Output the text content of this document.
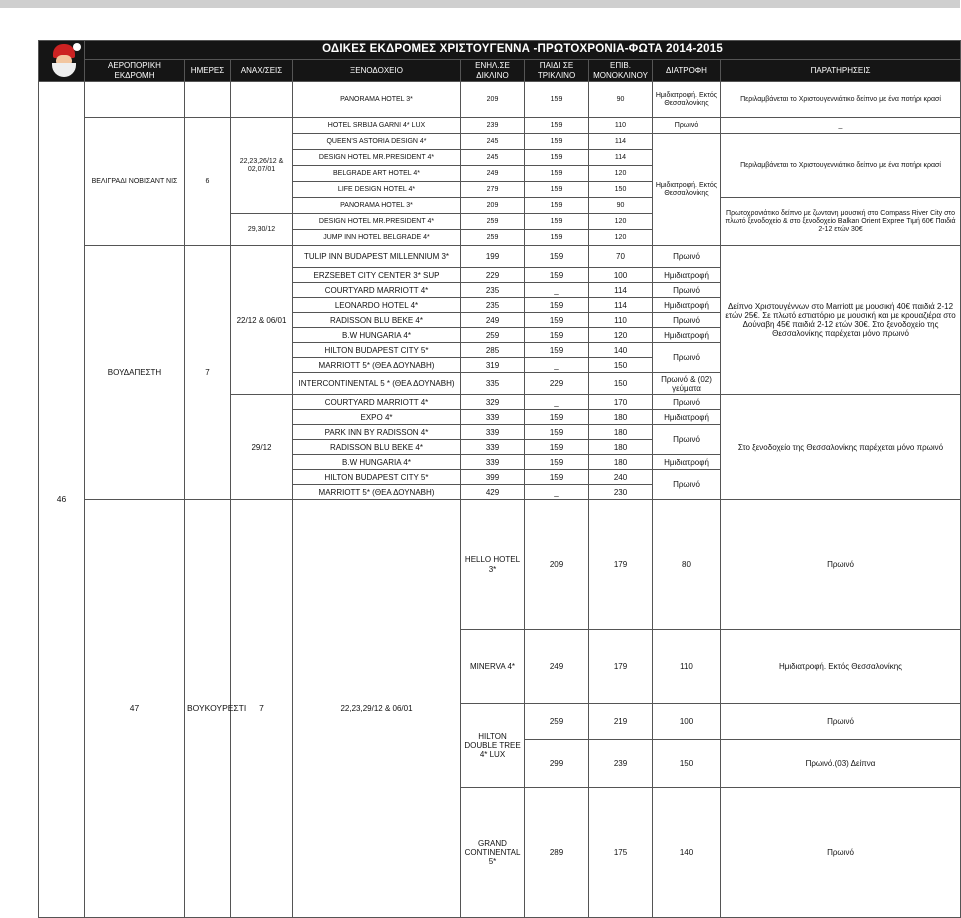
	ΟΔΙΚΕΣ ΕΚΔΡΟΜΕΣ ΧΡΙΣΤΟΥΓΕΝΝΑ -ΠΡΩΤΟΧΡΟΝΙΑ-ΦΩΤΑ 2014-2015									
	ΑΕΡΟΠΟΡΙΚΗ ΕΚΔΡΟΜΗ	ΗΜΕΡΕΣ	ΑΝΑΧ/ΣΕΙΣ	ΞΕΝΟΔΟΧΕΙΟ	ΕΝΗΛ.ΣΕ ΔΙΚΛΙΝΟ	ΠΑΙΔΙ ΣΕ ΤΡΙΚΛΙΝΟ	ΕΠΙΒ. ΜΟΝΟΚΛΙΝΟΥ	ΔΙΑΤΡΟΦΗ	ΠΑΡΑΤΗΡΗΣΕΙΣ	
46				PANORAMA HOTEL 3*	209	159	90	Ημιδιατροφή. Εκτός Θεσσαλονίκης	Περιλαμβάνεται το Χριστουγεννιάτικο δείπνο με ένα ποτήρι κρασί	
	ΒΕΛΙΓΡΑΔΙ ΝΟΒΙΣΑΝΤ ΝΙΣ	6	22,23,26/12 & 02,07/01	HOTEL SRBIJA GARNI 4* LUX	239	159	110	Πρωινό	_	
				QUEEN'S ASTORIA DESIGN 4*	245	159	114	Ημιδιατροφή. Εκτός Θεσσαλονίκης	Περιλαμβάνεται το Χριστουγεννιάτικο δείπνο με ένα ποτήρι κρασί	
				DESIGN HOTEL MR.PRESIDENT 4*	245	159	114			
				BELGRADE ART HOTEL 4*	249	159	120			
				LIFE DESIGN HOTEL 4*	279	159	150			
				PANORAMA HOTEL 3*	209	159	90		Πρωτοχρονιάτικο δείπνο με ζωντανη μουσική στο Compass River City στο πλωτό ξενοδοχείο & στο ξενοδοχείο Balkan Orient Expree Τιμή 60€ Παιδιά 2-12 ετών 30€	
			29,30/12	DESIGN HOTEL MR.PRESIDENT 4*	259	159	120			
				JUMP INN HOTEL BELGRADE 4*	259	159	120			
	ΒΟΥΔΑΠΕΣΤΗ	7	22/12 & 06/01	TULIP INN BUDAPEST MILLENNIUM 3*	199	159	70	Πρωινό	Δείπνο Χριστουγέννων στο Marriott με μουσική 40€ παιδιά 2-12 ετών 25€. Σε πλωτό εστιατόριο με μουσική και με κρουαζιέρα στο Δούναβη 45€ παιδιά 2-12 ετών 30€. Στο ξενοδοχείο της Θεσσαλονίκης παρέχεται μόνο πρωινό	
				ERZSEBET CITY CENTER 3* SUP	229	159	100	Ημιδιατροφή		
				COURTYARD MARRIOTT 4*	235	_	114	Πρωινό		
				LEONARDO HOTEL 4*	235	159	114	Ημιδιατροφή		
				RADISSON BLU BEKE 4*	249	159	110	Πρωινό		
				B.W HUNGARIA 4*	259	159	120	Ημιδιατροφή		
				HILTON BUDAPEST CITY 5*	285	159	140	Πρωινό		
				MARRIOTT 5* (ΘΕΑ ΔΟΥΝΑΒΗ)	319	_	150			
				INTERCONTINENTAL 5 * (ΘΕΑ ΔΟΥΝΑΒΗ)	335	229	150	Πρωινό & (02) γεύματα		
			29/12	COURTYARD MARRIOTT 4*	329	_	170	Πρωινό	Στο ξενοδοχείο της Θεσσαλονίκης παρέχεται μόνο πρωινό	
				EXPO 4*	339	159	180	Ημιδιατροφή		
				PARK INN BY RADISSON 4*	339	159	180	Πρωινό		
				RADISSON BLU BEKE 4*	339	159	180			
				B.W HUNGARIA 4*	339	159	180	Ημιδιατροφή		
				HILTON BUDAPEST CITY 5*	399	159	240	Πρωινό		
				MARRIOTT 5* (ΘΕΑ ΔΟΥΝΑΒΗ)	429	_	230			
	47	ΒΟΥΚΟΥΡΕΣΤΙ	7	22,23,29/12 & 06/01	HELLO HOTEL 3*	209	179	80	Πρωινό	
					MINERVA 4*	249	179	110	Ημιδιατροφή. Εκτός Θεσσαλονίκης	
					HILTON DOUBLE TREE 4* LUX	259	219	100	Πρωινό	
						299	239	150	Πρωινό.(03) Δείπνα	
					GRAND CONTINENTAL 5*	289	175	140	Πρωινό	
